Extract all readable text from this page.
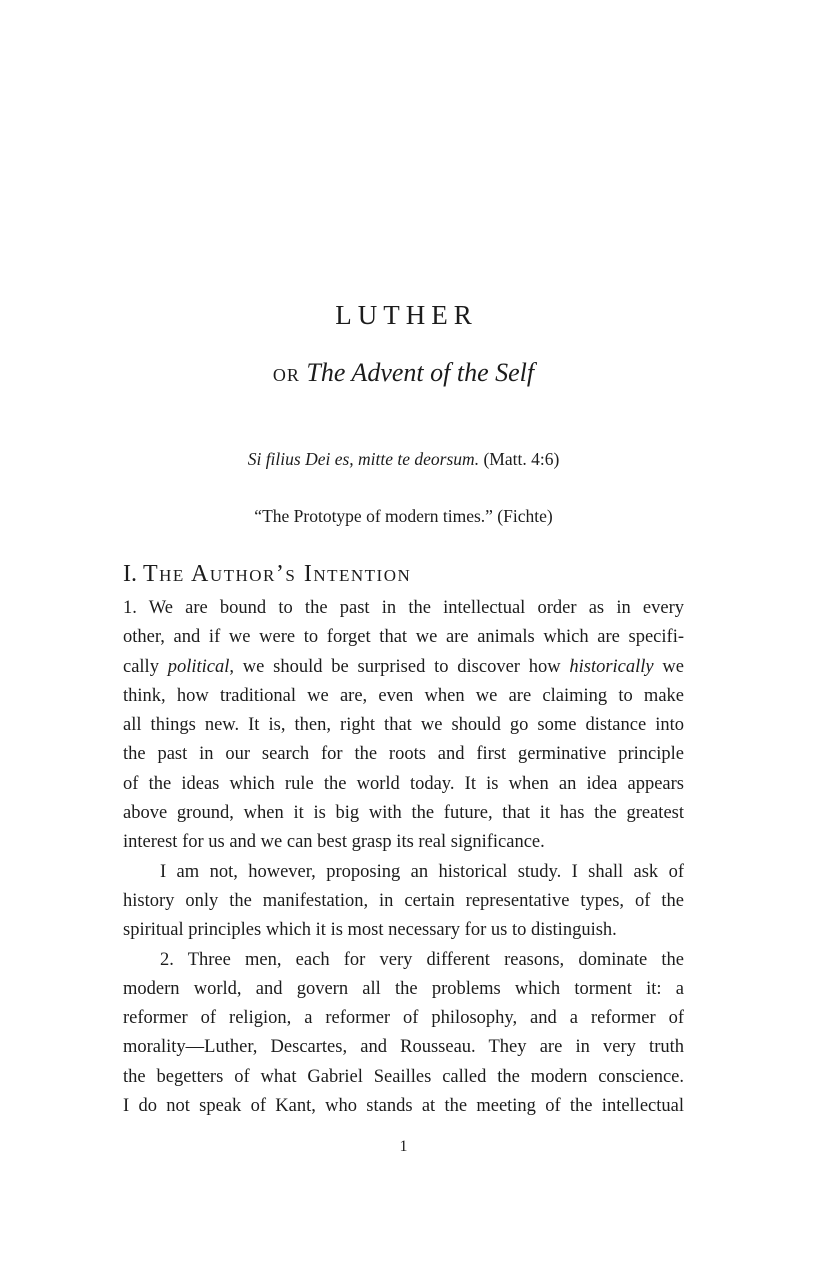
LUTHER
or The Advent of the Self

Si filius Dei es, mitte te deorsum. (Matt. 4:6)

“The Prototype of modern times.” (Fichte)

I. The Author’s Intention
1. We are bound to the past in the intellectual order as in every
other, and if we were to forget that we are animals which are specifi-
cally political, we should be surprised to discover how historically we
think, how traditional we are, even when we are claiming to make
all things new. It is, then, right that we should go some distance into
the past in our search for the roots and first germinative principle
of the ideas which rule the world today. It is when an idea appears
above ground, when it is big with the future, that it has the greatest
interest for us and we can best grasp its real significance.
I am not, however, proposing an historical study. I shall ask of
history only the manifestation, in certain representative types, of the
spiritual principles which it is most necessary for us to distinguish.
2. Three men, each for very different reasons, dominate the
modern world, and govern all the problems which torment it: a
reformer of religion, a reformer of philosophy, and a reformer of
morality—Luther, Descartes, and Rousseau. They are in very truth
the begetters of what Gabriel Seailles called the modern conscience.
I do not speak of Kant, who stands at the meeting of the intellectual
1
